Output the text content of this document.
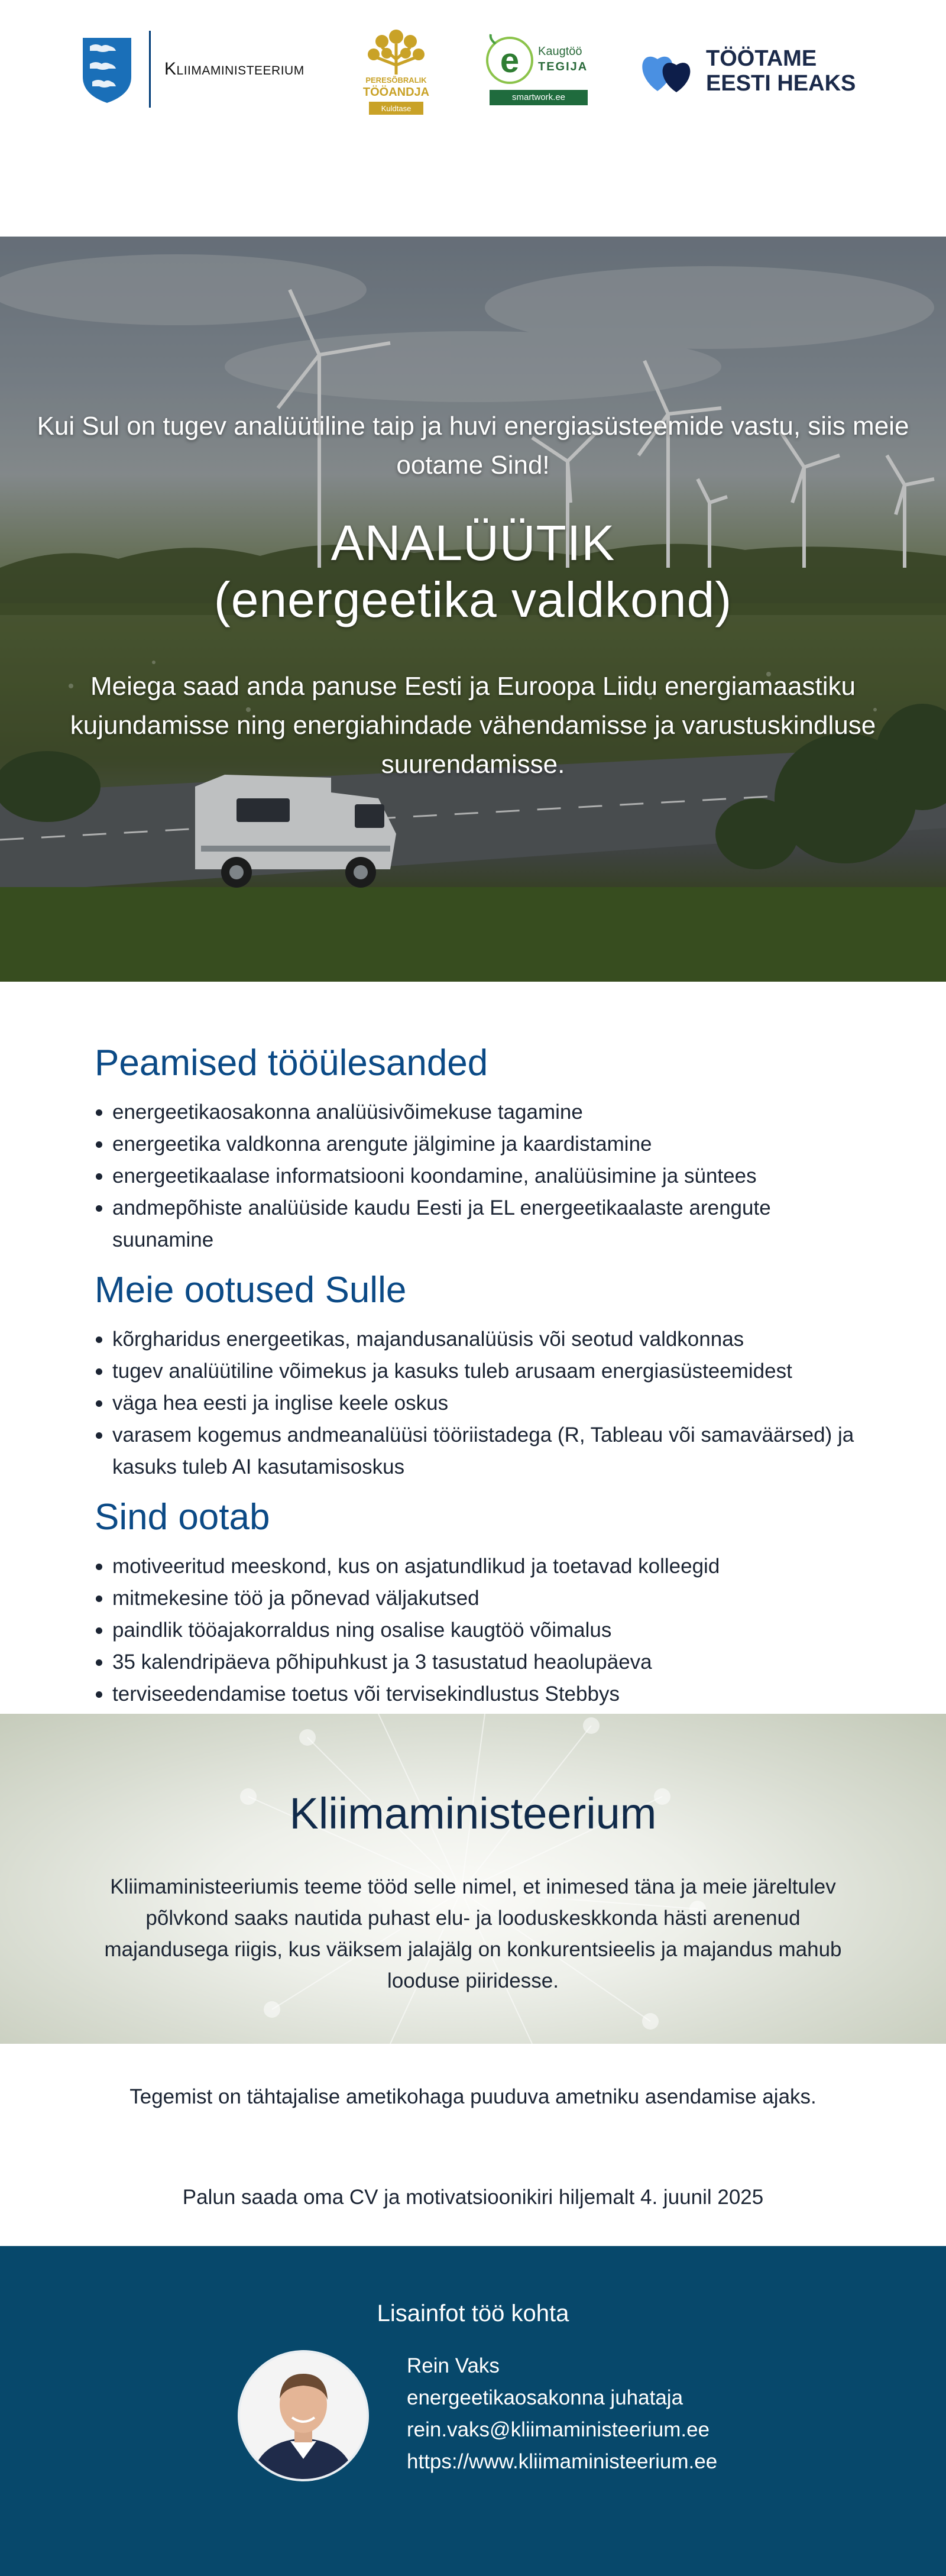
Kliimaministeerium
PERESÕBRALIK
TÖÖANDJA
Kuldtase
e Kaugtöö
TEGIJA
smartwork.ee
TÖÖTAME
EESTI HEAKS
Kui Sul on tugev analüütiline taip ja huvi energiasüsteemide vastu, siis meie ootame Sind!
ANALÜÜTIK
(energeetika valdkond)
Meiega saad anda panuse Eesti ja Euroopa Liidu energiamaastiku kujundamisse ning energiahindade vähendamisse ja varustuskindluse suurendamisse.
Peamised tööülesanded
energeetikaosakonna analüüsivõimekuse tagamine
energeetika valdkonna arengute jälgimine ja kaardistamine
energeetikaalase informatsiooni koondamine, analüüsimine ja süntees
andmepõhiste analüüside kaudu Eesti ja EL energeetikaalaste arengute suunamine
Meie ootused Sulle
kõrgharidus energeetikas, majandusanalüüsis või seotud valdkonnas
tugev analüütiline võimekus ja kasuks tuleb arusaam energiasüsteemidest
väga hea eesti ja inglise keele oskus
varasem kogemus andmeanalüüsi tööriistadega (R, Tableau või samaväärsed) ja kasuks tuleb AI kasutamisoskus
Sind ootab
motiveeritud meeskond, kus on asjatundlikud ja toetavad kolleegid
mitmekesine töö ja põnevad väljakutsed
paindlik tööajakorraldus ning osalise kaugtöö võimalus
35 kalendripäeva põhipuhkust ja 3 tasustatud heaolupäeva
terviseedendamise toetus või tervisekindlustus Stebbys
Kliimaministeerium
Kliimaministeeriumis teeme tööd selle nimel, et inimesed täna ja meie järeltulev põlvkond saaks nautida puhast elu- ja looduskeskkonda hästi arenenud majandusega riigis, kus väiksem jalajälg on konkurentsieelis ja majandus mahub looduse piiridesse.
Tegemist on tähtajalise ametikohaga puuduva ametniku asendamise ajaks.
Palun saada oma CV ja motivatsioonikiri hiljemalt 4. juunil 2025
Lisainfot töö kohta
Rein Vaks
energeetikaosakonna juhataja
rein.vaks@kliimaministeerium.ee
https://www.kliimaministeerium.ee
